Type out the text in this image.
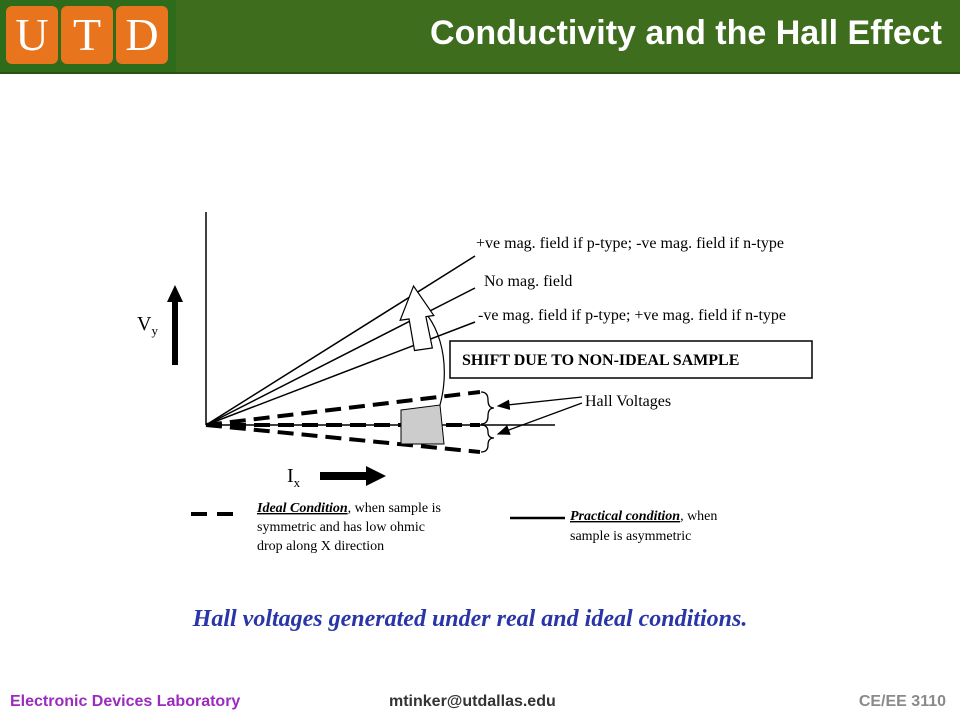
U T D	Conductivity and the Hall Effect
+ve mag. field if p-type; -ve mag. field if n-type
No mag. field
-ve mag. field if p-type; +ve mag. field if n-type
SHIFT DUE TO NON-IDEAL SAMPLE
Hall Voltages
$V_y$
$I_x$
Ideal Condition, when sample is
symmetric and has low ohmic
drop along X direction
Practical condition, when
sample is asymmetric
Hall voltages generated under real and ideal conditions.
Electronic Devices Laboratory	mtinker@utdallas.edu	CE/EE 3110
